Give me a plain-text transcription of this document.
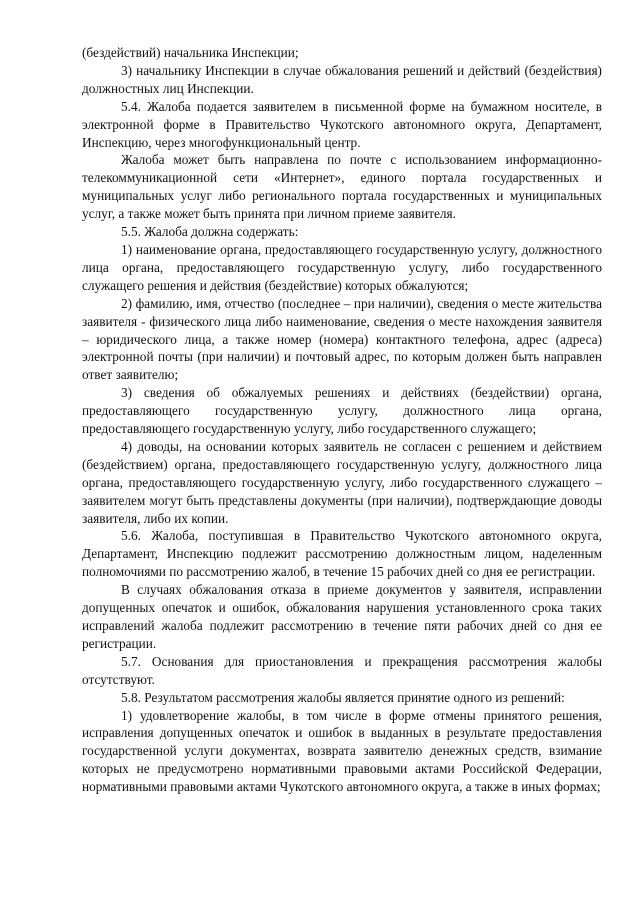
(бездействий) начальника Инспекции;

3) начальнику Инспекции в случае обжалования решений и действий (бездействия) должностных лиц Инспекции.

5.4. Жалоба подается заявителем в письменной форме на бумажном носителе, в электронной форме в Правительство Чукотского автономного округа, Департамент, Инспекцию, через многофункциональный центр.

Жалоба может быть направлена по почте с использованием информационно-телекоммуникационной сети «Интернет», единого портала государственных и муниципальных услуг либо регионального портала государственных и муниципальных услуг, а также может быть принята при личном приеме заявителя.

5.5. Жалоба должна содержать:

1) наименование органа, предоставляющего государственную услугу, должностного лица органа, предоставляющего государственную услугу, либо государственного служащего решения и действия (бездействие) которых обжалуются;

2) фамилию, имя, отчество (последнее – при наличии), сведения о месте жительства заявителя - физического лица либо наименование, сведения о месте нахождения заявителя – юридического лица, а также номер (номера) контактного телефона, адрес (адреса) электронной почты (при наличии) и почтовый адрес, по которым должен быть направлен ответ заявителю;

3) сведения об обжалуемых решениях и действиях (бездействии) органа, предоставляющего государственную услугу, должностного лица органа, предоставляющего государственную услугу, либо государственного служащего;

4) доводы, на основании которых заявитель не согласен с решением и действием (бездействием) органа, предоставляющего государственную услугу, должностного лица органа, предоставляющего государственную услугу, либо государственного служащего – заявителем могут быть представлены документы (при наличии), подтверждающие доводы заявителя, либо их копии.

5.6. Жалоба, поступившая в Правительство Чукотского автономного округа, Департамент, Инспекцию подлежит рассмотрению должностным лицом, наделенным полномочиями по рассмотрению жалоб, в течение 15 рабочих дней со дня ее регистрации.

В случаях обжалования отказа в приеме документов у заявителя, исправлении допущенных опечаток и ошибок, обжалования нарушения установленного срока таких исправлений жалоба подлежит рассмотрению в течение пяти рабочих дней со дня ее регистрации.

5.7. Основания для приостановления и прекращения рассмотрения жалобы отсутствуют.

5.8. Результатом рассмотрения жалобы является принятие одного из решений:

1) удовлетворение жалобы, в том числе в форме отмены принятого решения, исправления допущенных опечаток и ошибок в выданных в результате предоставления государственной услуги документах, возврата заявителю денежных средств, взимание которых не предусмотрено нормативными правовыми актами Российской Федерации, нормативными правовыми актами Чукотского автономного округа, а также в иных формах;
